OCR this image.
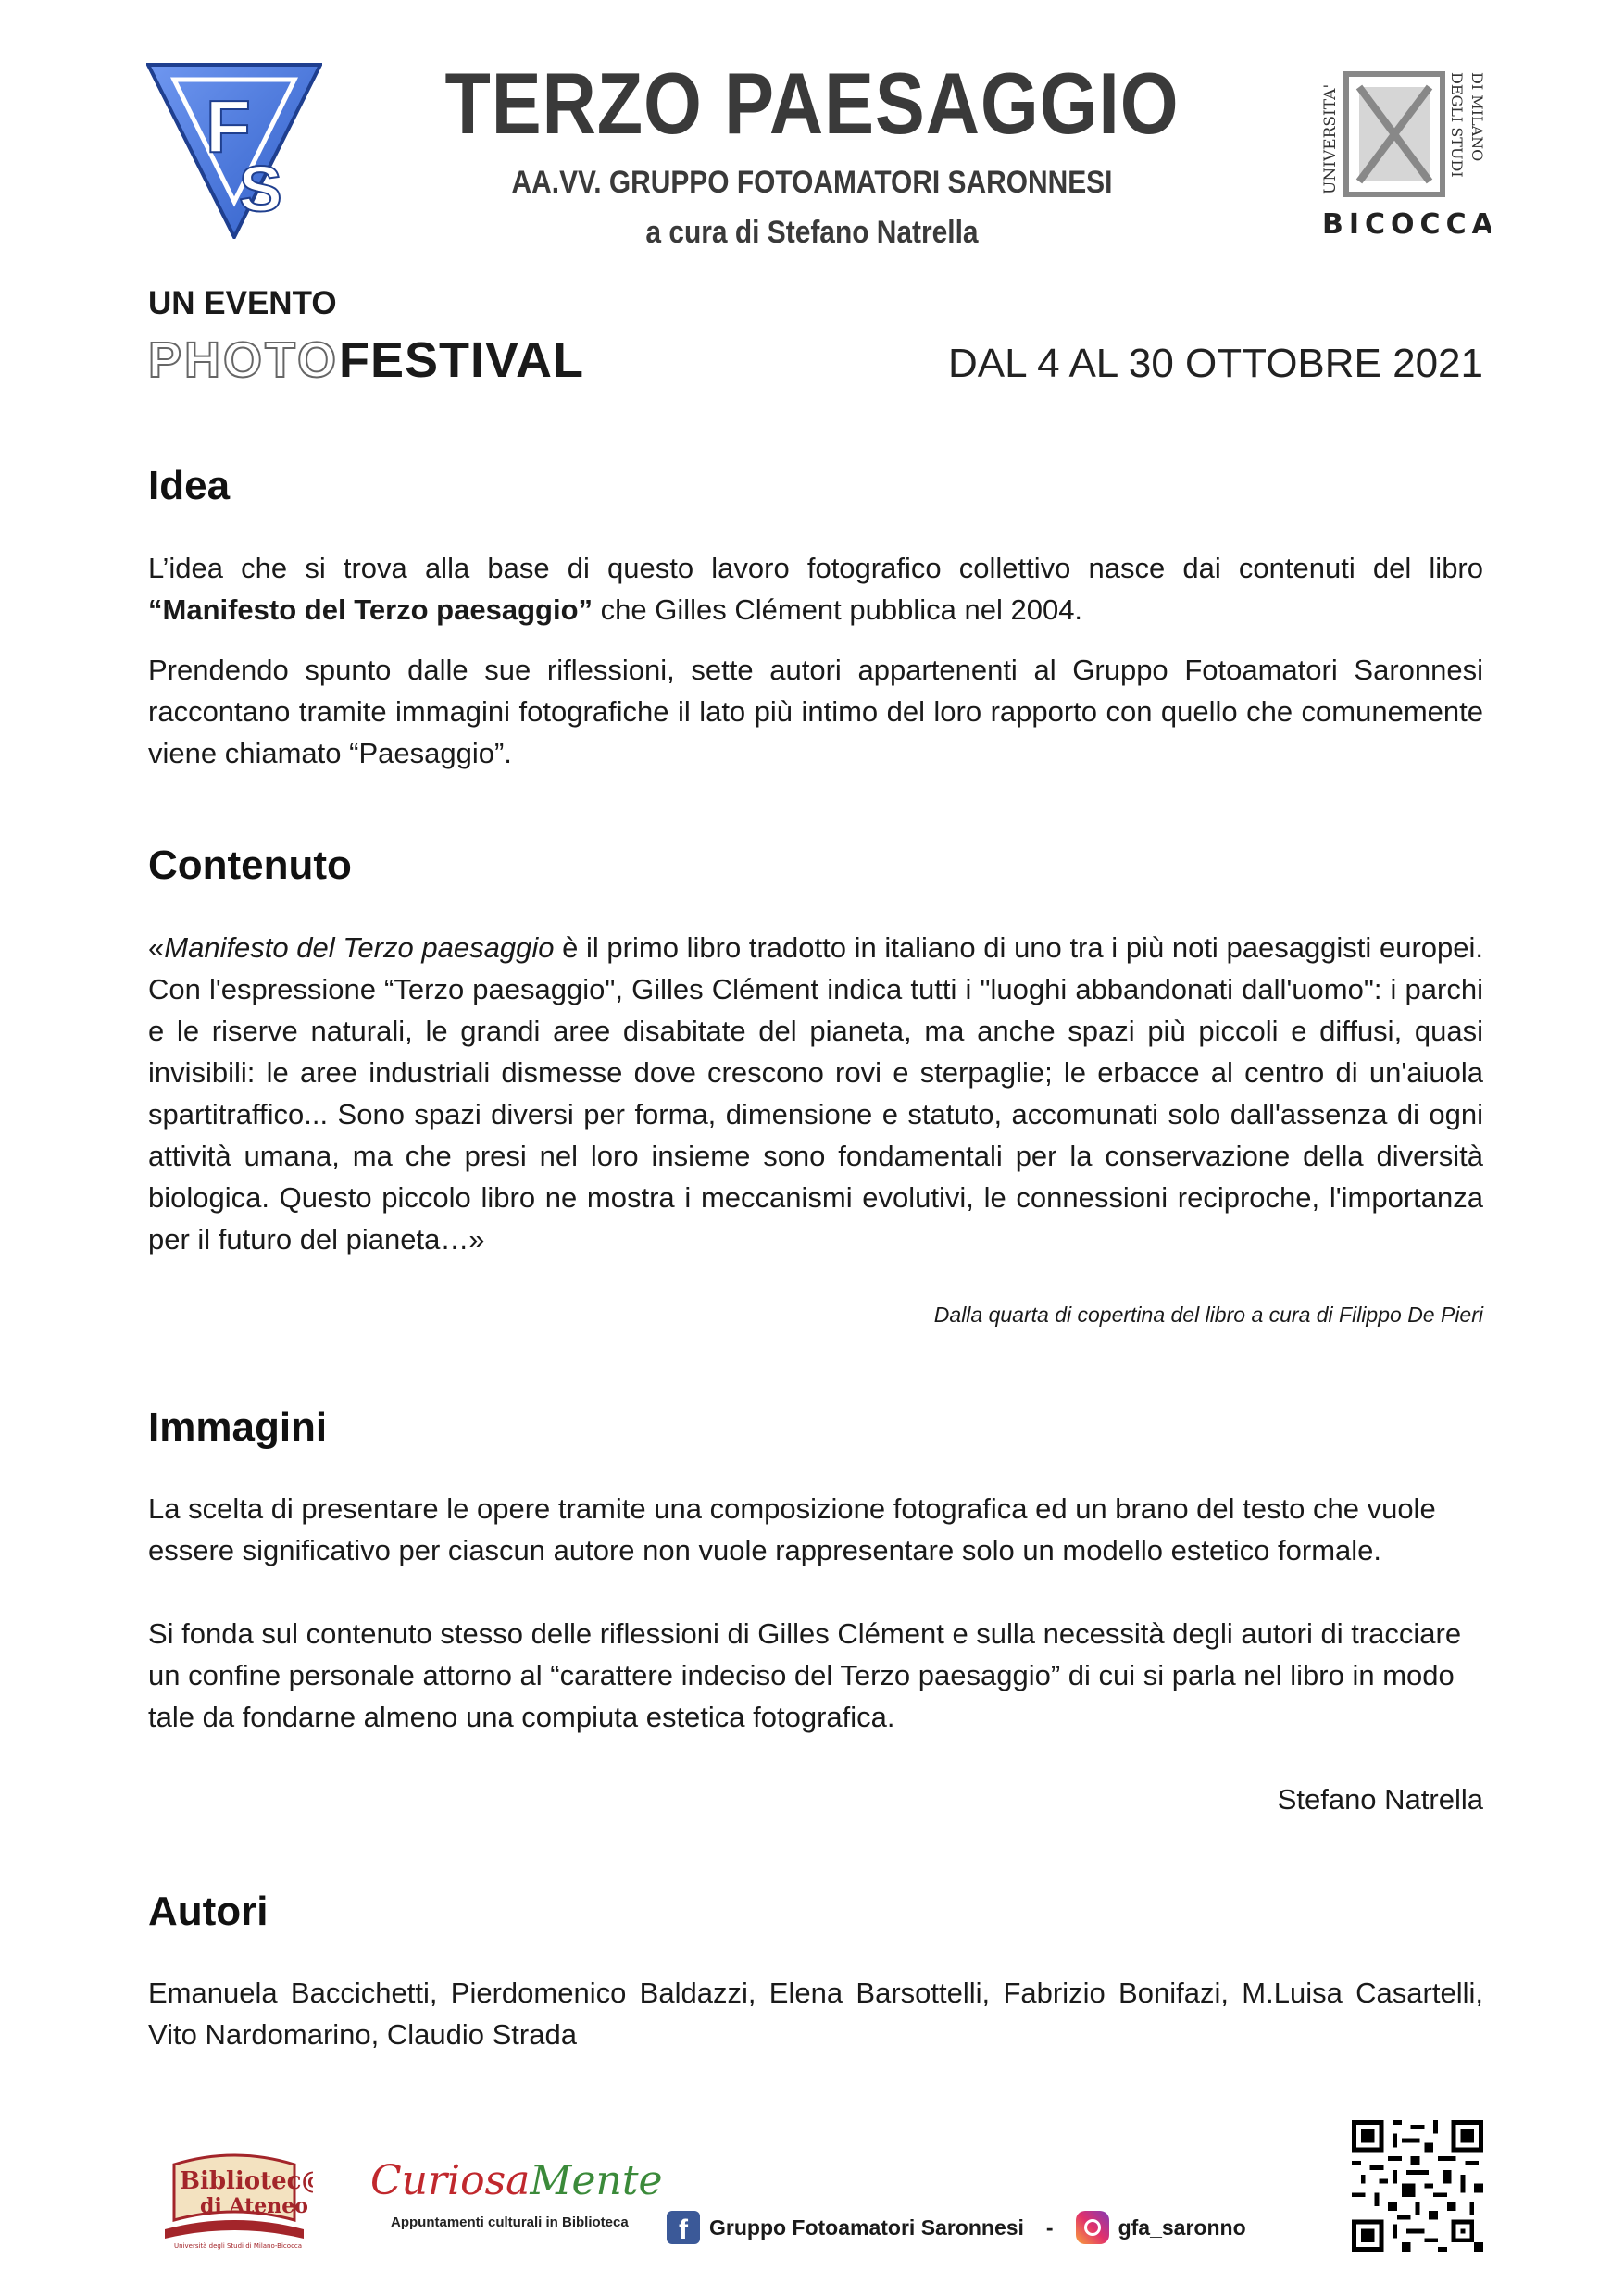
F
S
TERZO PAESAGGIO
AA.VV. GRUPPO FOTOAMATORI SARONNESI
a cura di Stefano Natrella
UNIVERSITA'	DEGLI STUDI DI MILANO
BICOCCA
UN EVENTO
PHOTOFESTIVAL	DAL 4 AL 30 OTTOBRE 2021
Idea
L’idea che si trova alla base di questo lavoro fotografico collettivo nasce dai contenuti del libro “Manifesto del Terzo paesaggio” che Gilles Clément pubblica nel 2004.
Prendendo spunto dalle sue riflessioni, sette autori appartenenti al Gruppo Fotoamatori Saronnesi raccontano tramite immagini fotografiche il lato più intimo del loro rapporto con quello che comunemente viene chiamato “Paesaggio”.
Contenuto
«Manifesto del Terzo paesaggio è il primo libro tradotto in italiano di uno tra i più noti paesaggisti europei. Con l'espressione “Terzo paesaggio", Gilles Clément indica tutti i "luoghi abbandonati dall'uomo": i parchi e le riserve naturali, le grandi aree disabitate del pianeta, ma anche spazi più piccoli e diffusi, quasi invisibili: le aree industriali dismesse dove crescono rovi e sterpaglie; le erbacce al centro di un'aiuola spartitraffico... Sono spazi diversi per forma, dimensione e statuto, accomunati solo dall'assenza di ogni attività umana, ma che presi nel loro insieme sono fondamentali per la conservazione della diversità biologica. Questo piccolo libro ne mostra i meccanismi evolutivi, le connessioni reciproche, l'importanza per il futuro del pianeta…»
Dalla quarta di copertina del libro a cura di Filippo De Pieri
Immagini
La scelta di presentare le opere tramite una composizione fotografica ed un brano del testo che vuole essere significativo per ciascun autore non vuole rappresentare solo un modello estetico formale.
Si fonda sul contenuto stesso delle riflessioni di Gilles Clément e sulla necessità degli autori di tracciare un confine personale attorno al “carattere indeciso del Terzo paesaggio” di cui si parla nel libro in modo tale da fondarne almeno una compiuta estetica fotografica.
Stefano Natrella
Autori
Emanuela Baccichetti, Pierdomenico Baldazzi, Elena Barsottelli, Fabrizio Bonifazi, M.Luisa Casartelli, Vito Nardomarino, Claudio Strada
Bibliotec@
di Ateneo
Università degli Studi di Milano-Bicocca
CuriosaMente
Appuntamenti culturali in Biblioteca	f	Gruppo Fotoamatori Saronnesi -	gfa_saronno
